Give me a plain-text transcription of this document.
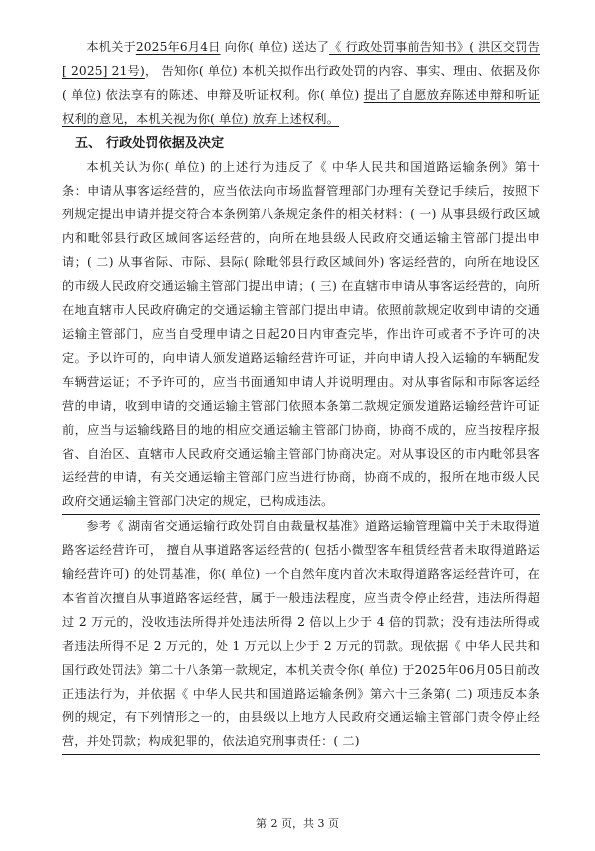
本机关于2025年6月4日 向你( 单位) 送达了《 行政处罚事前告知书》( 洪区交罚告[ 2025] 21号)， 告知你( 单位) 本机关拟作出行政处罚的内容、事实、理由、依据及你( 单位) 依法享有的陈述、申辩及听证权利。你( 单位) 提出了自愿放弃陈述申辩和听证权利的意见，本机关视为你( 单位) 放弃上述权利。

五、 行政处罚依据及决定

本机关认为你( 单位) 的上述行为违反了《 中华人民共和国道路运输条例》第十条：申请从事客运经营的，应当依法向市场监督管理部门办理有关登记手续后，按照下列规定提出申请并提交符合本条例第八条规定条件的相关材料：( 一) 从事县级行政区域内和毗邻县行政区域间客运经营的，向所在地县级人民政府交通运输主管部门提出申请；( 二) 从事省际、市际、县际( 除毗邻县行政区域间外) 客运经营的，向所在地设区的市级人民政府交通运输主管部门提出申请；( 三) 在直辖市申请从事客运经营的，向所在地直辖市人民政府确定的交通运输主管部门提出申请。依照前款规定收到申请的交通运输主管部门，应当自受理申请之日起20日内审查完毕，作出许可或者不予许可的决定。予以许可的，向申请人颁发道路运输经营许可证，并向申请人投入运输的车辆配发车辆营运证；不予许可的，应当书面通知申请人并说明理由。对从事省际和市际客运经营的申请，收到申请的交通运输主管部门依照本条第二款规定颁发道路运输经营许可证前，应当与运输线路目的地的相应交通运输主管部门协商，协商不成的，应当按程序报省、自治区、直辖市人民政府交通运输主管部门协商决定。对从事设区的市内毗邻县客运经营的申请，有关交通运输主管部门应当进行协商，协商不成的，报所在地市级人民政府交通运输主管部门决定的规定，已构成违法。

参考《 湖南省交通运输行政处罚自由裁量权基准》道路运输管理篇中关于未取得道路客运经营许可， 擅自从事道路客运经营的( 包括小微型客车租赁经营者未取得道路运输经营许可) 的处罚基准，你( 单位) 一个自然年度内首次未取得道路客运经营许可，在本省首次擅自从事道路客运经营，属于一般违法程度，应当责令停止经营，违法所得超过 2 万元的，没收违法所得并处违法所得 2 倍以上少于 4 倍的罚款；没有违法所得或者违法所得不足 2 万元的，处 1 万元以上少于 2 万元的罚款。现依据《 中华人民共和国行政处罚法》第二十八条第一款规定，本机关责令你( 单位) 于2025年06月05日前改正违法行为，并依据《 中华人民共和国道路运输条例》第六十三条第( 二) 项违反本条例的规定，有下列情形之一的，由县级以上地方人民政府交通运输主管部门责令停止经营，并处罚款；构成犯罪的，依法追究刑事责任：( 二)

第 2 页，共 3 页
